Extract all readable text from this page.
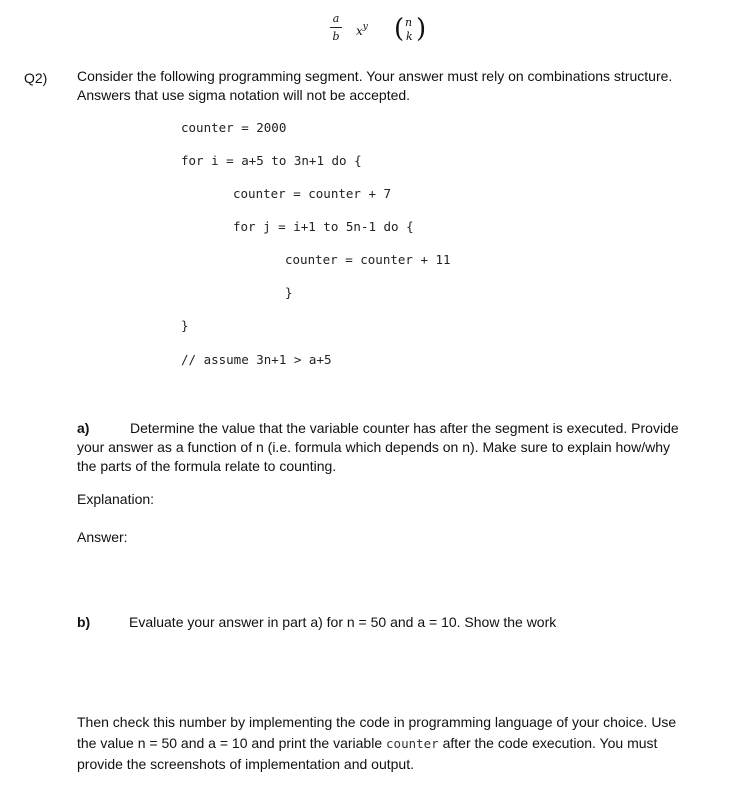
a
b $x^y$ ( n
k )
Q2) Consider the following programming segment. Your answer must rely on combinations structure.
Answers that use sigma notation will not be accepted.
counter = 2000
for i = a+5 to 3n+1 do {
counter = counter + 7
for j = i+1 to 5n-1 do {
counter = counter + 11
}
}
// assume 3n+1 > a+5
a)	Determine the value that the variable counter has after the segment is executed. Provide
your answer as a function of n (i.e. formula which depends on n). Make sure to explain how/why
the parts of the formula relate to counting.
Explanation:
Answer:
b)	Evaluate your answer in part a) for n = 50 and a = 10. Show the work
Then check this number by implementing the code in programming language of your choice. Use
the value n = 50 and a = 10 and print the variable counter after the code execution. You must
provide the screenshots of implementation and output.
